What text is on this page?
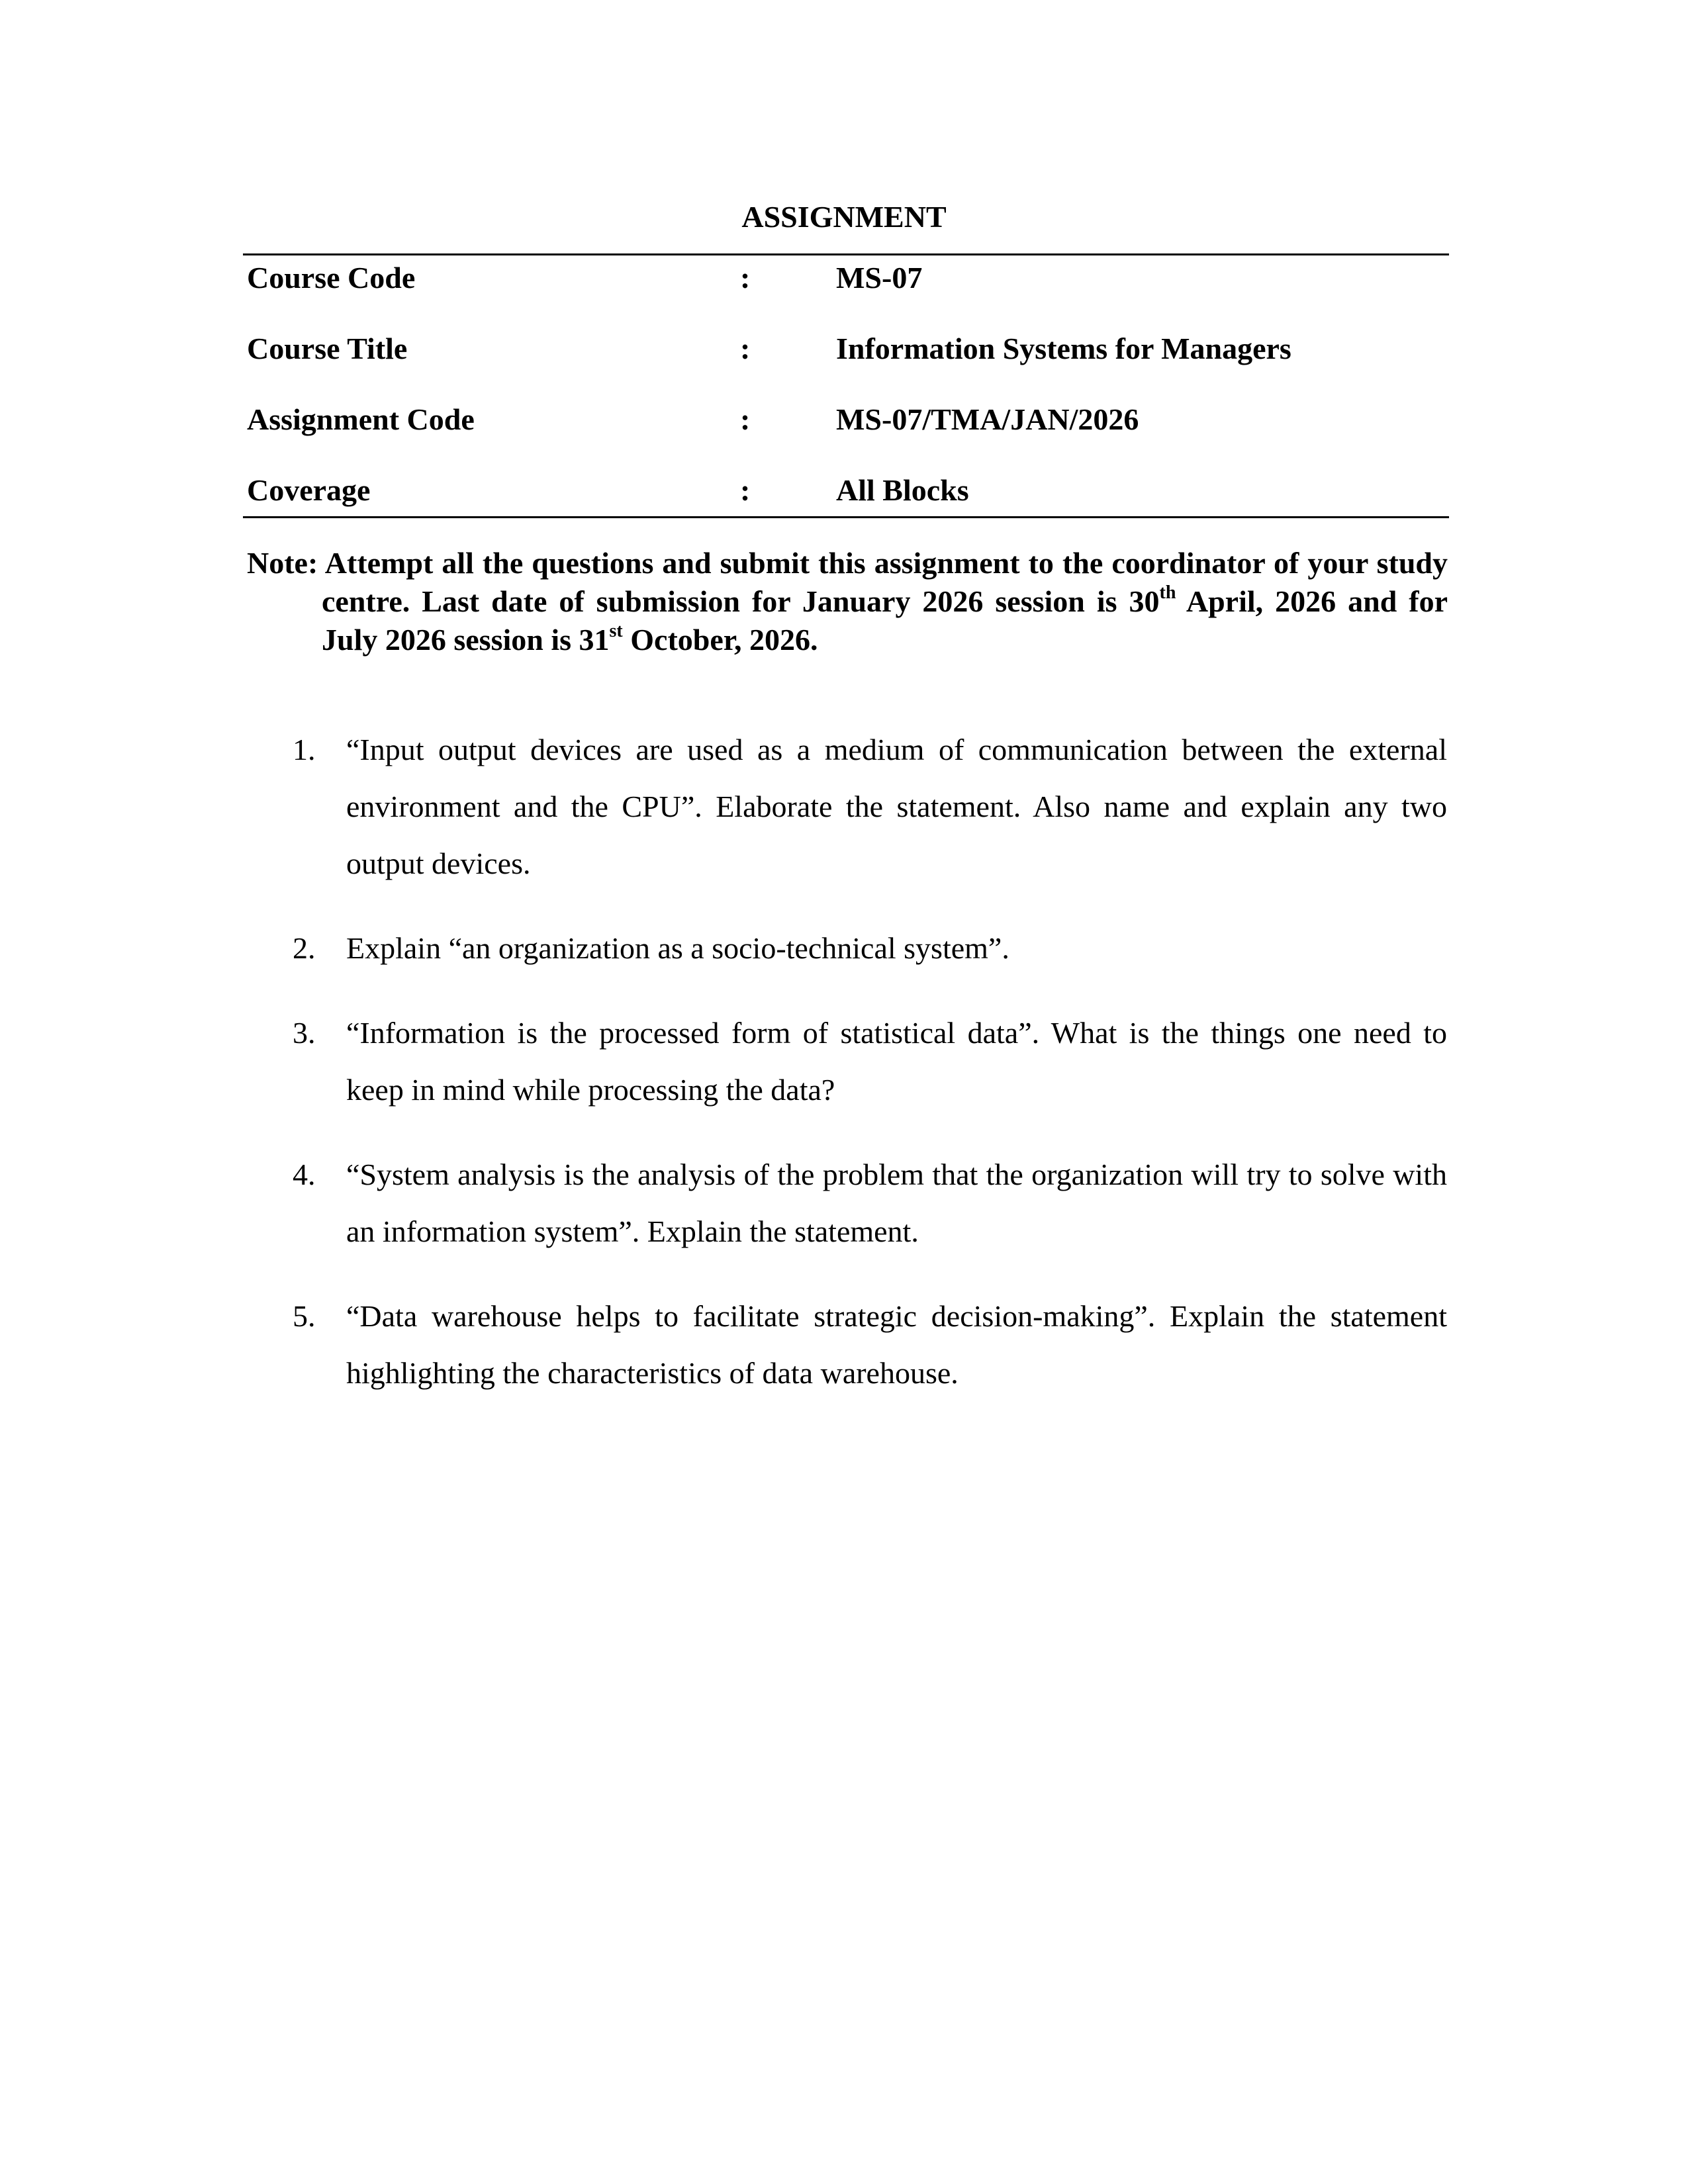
ASSIGNMENT
Course Code	:	MS-07
Course Title	:	Information Systems for Managers
Assignment Code	:	MS-07/TMA/JAN/2026
Coverage	:	All Blocks
Note: Attempt all the questions and submit this assignment to the coordinator of your study centre. Last date of submission for January 2026 session is 30th April, 2026 and for July 2026 session is 31st October, 2026.
1. “Input output devices are used as a medium of communication between the external environment and the CPU”. Elaborate the statement. Also name and explain any two output devices.
2. Explain “an organization as a socio-technical system”.
3. “Information is the processed form of statistical data”. What is the things one need to keep in mind while processing the data?
4. “System analysis is the analysis of the problem that the organization will try to solve with an information system”. Explain the statement.
5. “Data warehouse helps to facilitate strategic decision-making”. Explain the statement highlighting the characteristics of data warehouse.
